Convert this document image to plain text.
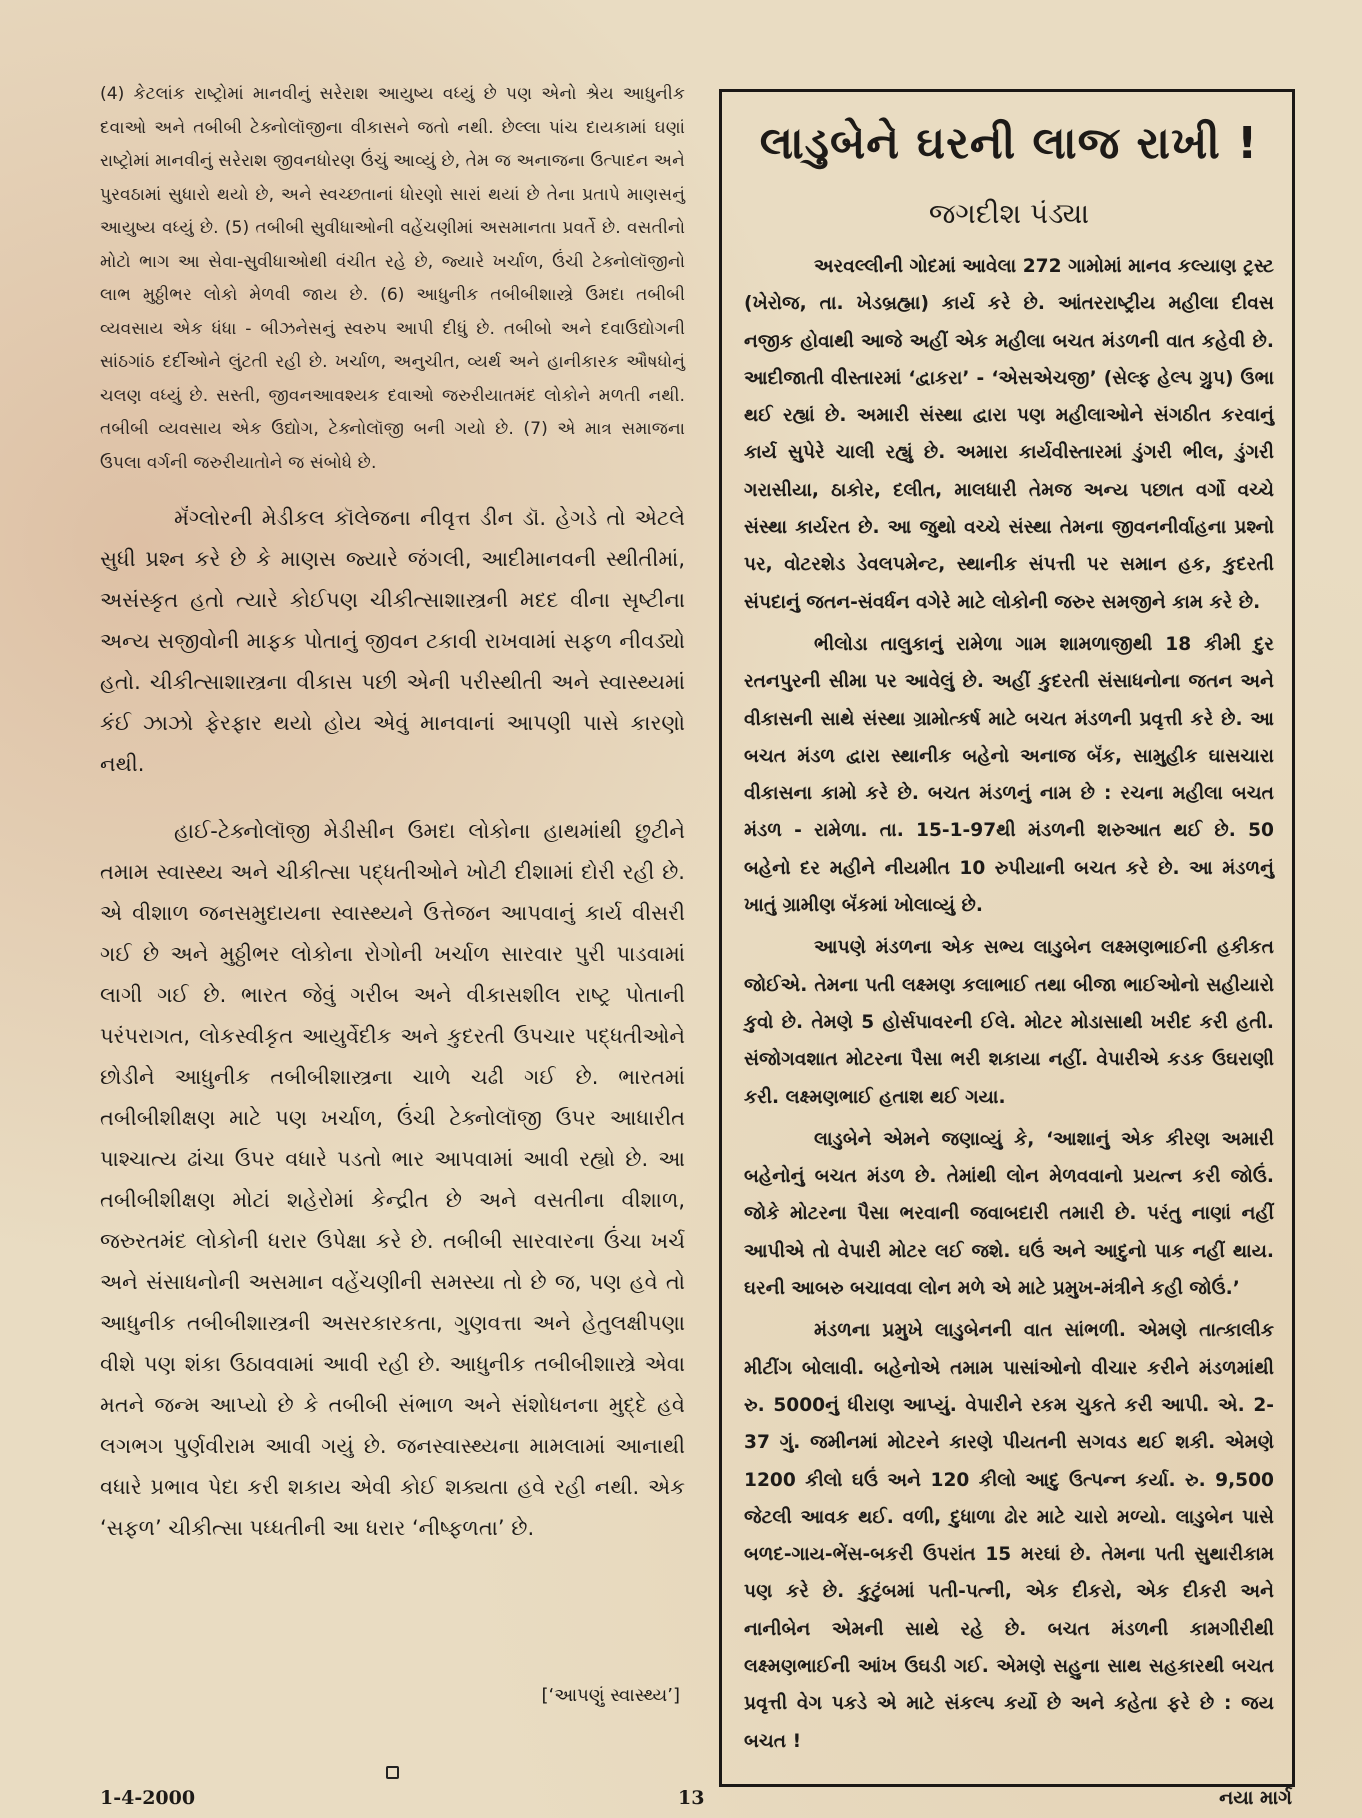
(4) કેટલાંક રાષ્ટ્રોમાં માનવીનું સરેરાશ આયુષ્ય વધ્યું છે પણ એનો શ્રેય આધુનીક દવાઓ અને તબીબી ટેક્નોલૉજીના વીકાસને જતો નથી. છેલ્લા પાંચ દાયકામાં ઘણાં રાષ્ટ્રોમાં માનવીનું સરેરાશ જીવનધોરણ ઉંચું આવ્યું છે, તેમ જ અનાજના ઉત્પાદન અને પુરવઠામાં સુધારો થયો છે, અને સ્વચ્છતાનાં ધોરણો સારાં થયાં છે તેના પ્રતાપે માણસનું આયુષ્ય વધ્યું છે. (5) તબીબી સુવીધાઓની વહેંચણીમાં અસમાનતા પ્રવર્તે છે. વસતીનો મોટો ભાગ આ સેવા-સુવીધાઓથી વંચીત રહે છે, જ્યારે ખર્ચાળ, ઉંચી ટેક્નોલૉજીનો લાભ મુઠ્ઠીભર લોકો મેળવી જાય છે. (6) આધુનીક તબીબીશાસ્ત્રે ઉમદા તબીબી વ્યવસાય એક ધંધા - બીઝનેસનું સ્વરુપ આપી દીધું છે. તબીબો અને દવાઉદ્યોગની સાંઠગાંઠ દર્દીઓને લુંટતી રહી છે. ખર્ચાળ, અનુચીત, વ્યર્થ અને હાનીકારક ઔષધોનું ચલણ વધ્યું છે. સસ્તી, જીવનઆવશ્યક દવાઓ જરુરીયાતમંદ લોકોને મળતી નથી. તબીબી વ્યવસાય એક ઉદ્યોગ, ટેક્નોલૉજી બની ગયો છે. (7) એ માત્ર સમાજના ઉપલા વર્ગની જરુરીયાતોને જ સંબોધે છે.

મૅંગ્લોરની મેડીકલ કૉલેજના નીવૃત્ત ડીન ડૉ. હેગડે તો એટલે સુધી પ્રશ્ન કરે છે કે માણસ જ્યારે જંગલી, આદીમાનવની સ્થીતીમાં, અસંસ્કૃત હતો ત્યારે કોઈપણ ચીકીત્સાશાસ્ત્રની મદદ વીના સૃષ્ટીના અન્ય સજીવોની માફક પોતાનું જીવન ટકાવી રાખવામાં સફળ નીવડ્યો હતો. ચીકીત્સાશાસ્ત્રના વીકાસ પછી એની પરીસ્થીતી અને સ્વાસ્થ્યમાં કંઈ ઝાઝો ફેરફાર થયો હોય એવું માનવાનાં આપણી પાસે કારણો નથી.

હાઈ-ટેક્નોલૉજી મેડીસીન ઉમદા લોકોના હાથમાંથી છુટીને તમામ સ્વાસ્થ્ય અને ચીકીત્સા પદ્ધતીઓને ખોટી દીશામાં દોરી રહી છે. એ વીશાળ જનસમુદાયના સ્વાસ્થ્યને ઉત્તેજન આપવાનું કાર્ય વીસરી ગઈ છે અને મુઠ્ઠીભર લોકોના રોગોની ખર્ચાળ સારવાર પુરી પાડવામાં લાગી ગઈ છે. ભારત જેવું ગરીબ અને વીકાસશીલ રાષ્ટ્ર પોતાની પરંપરાગત, લોકસ્વીકૃત આયુર્વેદીક અને કુદરતી ઉપચાર પદ્ધતીઓને છોડીને આધુનીક તબીબીશાસ્ત્રના ચાળે ચઢી ગઈ છે. ભારતમાં તબીબીશીક્ષણ માટે પણ ખર્ચાળ, ઉંચી ટેક્નોલૉજી ઉપર આધારીત પાશ્ચાત્ય ઢાંચા ઉપર વધારે પડતો ભાર આપવામાં આવી રહ્યો છે. આ તબીબીશીક્ષણ મોટાં શહેરોમાં કેન્દ્રીત છે અને વસતીના વીશાળ, જરુરતમંદ લોકોની ધરાર ઉપેક્ષા કરે છે. તબીબી સારવારના ઉંચા ખર્ચ અને સંસાધનોની અસમાન વહેંચણીની સમસ્યા તો છે જ, પણ હવે તો આધુનીક તબીબીશાસ્ત્રની અસરકારકતા, ગુણવત્તા અને હેતુલક્ષીપણા વીશે પણ શંકા ઉઠાવવામાં આવી રહી છે. આધુનીક તબીબીશાસ્ત્રે એવા મતને જન્મ આપ્યો છે કે તબીબી સંભાળ અને સંશોધનના મુદ્દે હવે લગભગ પુર્ણવીરામ આવી ગયું છે. જનસ્વાસ્થ્યના મામલામાં આનાથી વધારે પ્રભાવ પેદા કરી શકાય એવી કોઈ શક્યતા હવે રહી નથી. એક ‘સફળ’ ચીકીત્સા પધ્ધતીની આ ધરાર ‘નીષ્ફળતા’ છે.

[‘આપણું સ્વાસ્થ્ય’]
લાડુબેને ઘરની લાજ રાખી !
જગદીશ પંડ્યા

અરવલ્લીની ગોદમાં આવેલા 272 ગામોમાં માનવ કલ્યાણ ટ્રસ્ટ (ખેરોજ, તા. ખેડબ્રહ્મા) કાર્ય કરે છે. આંતરરાષ્ટ્રીય મહીલા દીવસ નજીક હોવાથી આજે અહીં એક મહીલા બચત મંડળની વાત કહેવી છે. આદીજાતી વીસ્તારમાં ‘દ્વાકરા’ - ‘એસએચજી’ (સેલ્ફ હેલ્પ ગ્રુપ) ઉભા થઈ રહ્યાં છે. અમારી સંસ્થા દ્વારા પણ મહીલાઓને સંગઠીત કરવાનું કાર્ય સુપેરે ચાલી રહ્યું છે. અમારા કાર્યવીસ્તારમાં ડુંગરી ભીલ, ડુંગરી ગરાસીયા, ઠાકોર, દલીત, માલધારી તેમજ અન્ય પછાત વર્ગો વચ્ચે સંસ્થા કાર્યરત છે. આ જુથો વચ્ચે સંસ્થા તેમના જીવનનીર્વાહના પ્રશ્નો પર, વોટરશેડ ડેવલપમેન્ટ, સ્થાનીક સંપત્તી પર સમાન હક, કુદરતી સંપદાનું જતન-સંવર્ધન વગેરે માટે લોકોની જરુર સમજીને કામ કરે છે.

ભીલોડા તાલુકાનું રામેળા ગામ શામળાજીથી 18 કીમી દુર રતનપુરની સીમા પર આવેલું છે. અહીં કુદરતી સંસાધનોના જતન અને વીકાસની સાથે સંસ્થા ગ્રામોત્કર્ષ માટે બચત મંડળની પ્રવૃત્તી કરે છે. આ બચત મંડળ દ્વારા સ્થાનીક બહેનો અનાજ બૅંક, સામુહીક ઘાસચારા વીકાસના કામો કરે છે. બચત મંડળનું નામ છે : રચના મહીલા બચત મંડળ - રામેળા. તા. 15-1-97થી મંડળની શરુઆત થઈ છે. 50 બહેનો દર મહીને નીયમીત 10 રુપીયાની બચત કરે છે. આ મંડળનું ખાતું ગ્રામીણ બૅંકમાં ખોલાવ્યું છે.

આપણે મંડળના એક સભ્ય લાડુબેન લક્ષ્મણભાઈની હકીકત જોઈએ. તેમના પતી લક્ષ્મણ કલાભાઈ તથા બીજા ભાઈઓનો સહીયારો કુવો છે. તેમણે 5 હોર્સપાવરની ઈલે. મોટર મોડાસાથી ખરીદ કરી હતી. સંજોગવશાત મોટરના પૈસા ભરી શકાયા નહીં. વેપારીએ કડક ઉઘરાણી કરી. લક્ષ્મણભાઈ હતાશ થઈ ગયા.

લાડુબેને એમને જણાવ્યું કે, ‘આશાનું એક કીરણ અમારી બહેનોનું બચત મંડળ છે. તેમાંથી લોન મેળવવાનો પ્રયત્ન કરી જોઉં. જોકે મોટરના પૈસા ભરવાની જવાબદારી તમારી છે. પરંતુ નાણાં નહીં આપીએ તો વેપારી મોટર લઈ જશે. ઘઉં અને આદુનો પાક નહીં થાય. ઘરની આબરુ બચાવવા લોન મળે એ માટે પ્રમુખ-મંત્રીને કહી જોઉં.’

મંડળના પ્રમુખે લાડુબેનની વાત સાંભળી. એમણે તાત્કાલીક મીટીંગ બોલાવી. બહેનોએ તમામ પાસાંઓનો વીચાર કરીને મંડળમાંથી રુ. 5000નું ધીરાણ આપ્યું. વેપારીને રકમ ચુકતે કરી આપી. એ. 2-37 ગું. જમીનમાં મોટરને કારણે પીયતની સગવડ થઈ શકી. એમણે 1200 કીલો ઘઉં અને 120 કીલો આદુ ઉત્પન્ન કર્યા. રુ. 9,500 જેટલી આવક થઈ. વળી, દુધાળા ઢોર માટે ચારો મળ્યો. લાડુબેન પાસે બળદ-ગાય-ભેંસ-બકરી ઉપરાંત 15 મરઘાં છે. તેમના પતી સુથારીકામ પણ કરે છે. કુટુંબમાં પતી-પત્ની, એક દીકરો, એક દીકરી અને નાનીબેન એમની સાથે રહે છે. બચત મંડળની કામગીરીથી લક્ષ્મણભાઈની આંખ ઉઘડી ગઈ. એમણે સહુના સાથ સહકારથી બચત પ્રવૃત્તી વેગ પકડે એ માટે સંકલ્પ કર્યો છે અને કહેતા ફરે છે : જય બચત !

1-4-2000	13	નયા માર્ગ
